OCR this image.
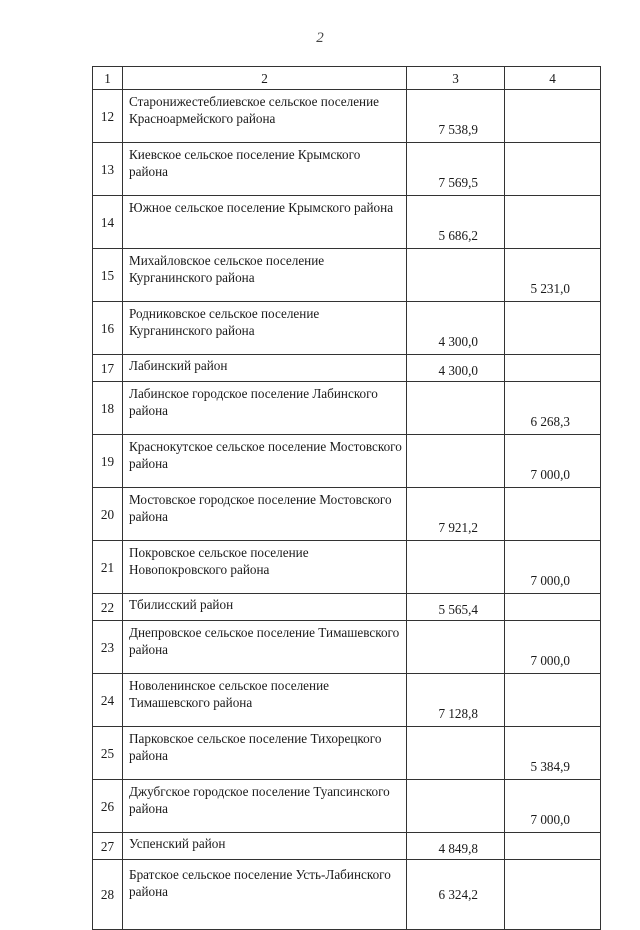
2
1	2	3	4
12	Старонижестеблиевское сельское поселение Красноармейского района	7 538,9	
13	Киевское сельское поселение Крымского района	7 569,5	
14	Южное сельское поселение Крымского района	5 686,2	
15	Михайловское сельское поселение Курганинского района		5 231,0
16	Родниковское сельское поселение Курганинского района	4 300,0	
17	Лабинский район	4 300,0	
18	Лабинское городское поселение Лабинского района		6 268,3
19	Краснокутское сельское поселение Мостовского района		7 000,0
20	Мостовское городское поселение Мостовского района	7 921,2	
21	Покровское сельское поселение Новопокровского района		7 000,0
22	Тбилисский район	5 565,4	
23	Днепровское сельское поселение Тимашевского района		7 000,0
24	Новоленинское сельское поселение Тимашевского района	7 128,8	
25	Парковское сельское поселение Тихорецкого района		5 384,9
26	Джубгское городское поселение Туапсинского района		7 000,0
27	Успенский район	4 849,8	
28	Братское сельское поселение Усть-Лабинского района	6 324,2	
